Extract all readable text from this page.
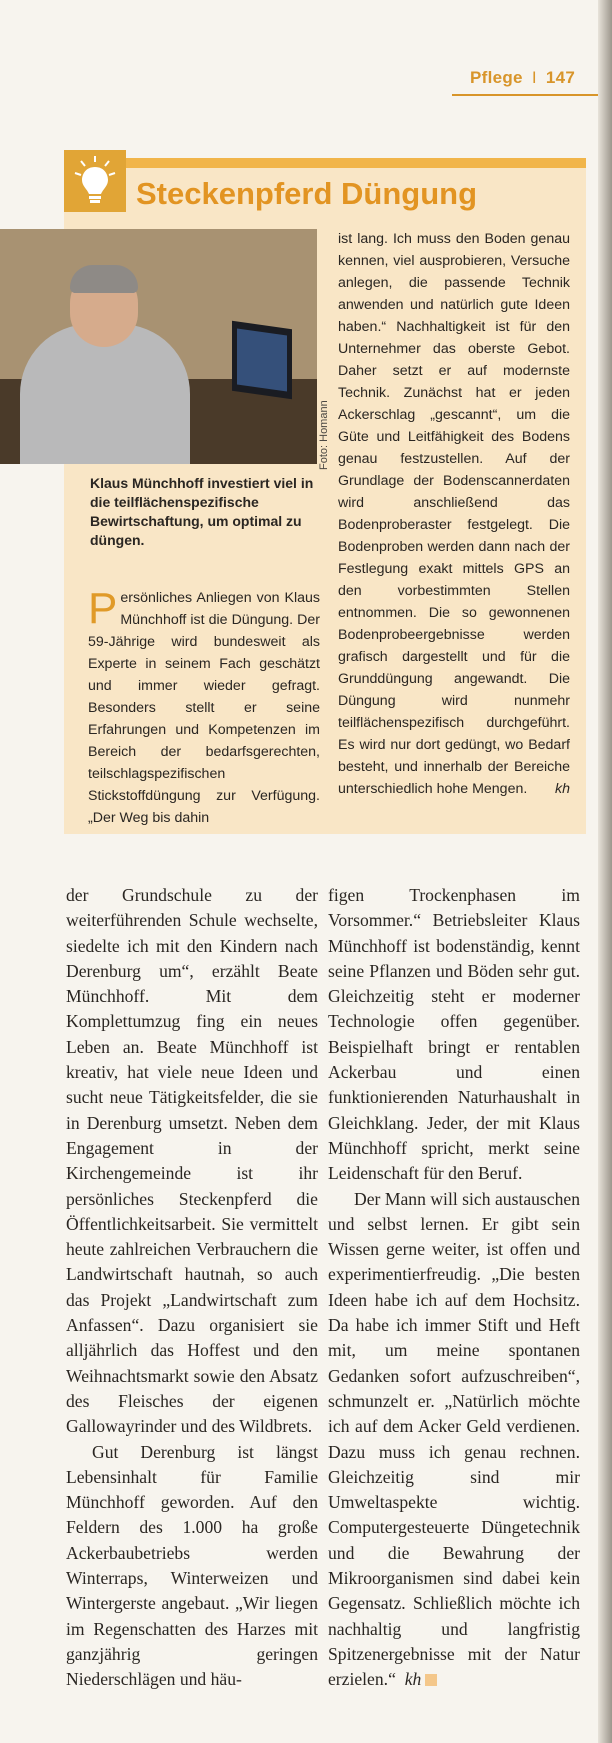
Pflege I 147
Steckenpferd Düngung
Klaus Münchhoff investiert viel in die teilflächenspezifische Bewirtschaftung, um optimal zu düngen.
Persönliches Anliegen von Klaus Münchhoff ist die Düngung. Der 59-Jährige wird bundesweit als Experte in seinem Fach geschätzt und immer wieder gefragt. Besonders stellt er seine Erfahrungen und Kompetenzen im Bereich der bedarfsgerechten, teilschlagspezifischen Stickstoffdüngung zur Verfügung. „Der Weg bis dahin
ist lang. Ich muss den Boden genau kennen, viel ausprobieren, Versuche anlegen, die passende Technik anwenden und natürlich gute Ideen haben.“ Nachhaltigkeit ist für den Unternehmer das oberste Gebot. Daher setzt er auf modernste Technik. Zunächst hat er jeden Ackerschlag „gescannt“, um die Güte und Leitfähigkeit des Bodens genau festzustellen. Auf der Grundlage der Bodenscannerdaten wird anschließend das Bodenproberaster festgelegt. Die Bodenproben werden dann nach der Festlegung exakt mittels GPS an den vorbestimmten Stellen entnommen. Die so gewonnenen Bodenprobeergebnisse werden grafisch dargestellt und für die Grunddüngung angewandt. Die Düngung wird nunmehr teilflächenspezifisch durchgeführt. Es wird nur dort gedüngt, wo Bedarf besteht, und innerhalb der Bereiche unterschiedlich hohe Mengen. kh

der Grundschule zu der weiterführenden Schule wechselte, siedelte ich mit den Kindern nach Derenburg um“, erzählt Beate Münchhoff. Mit dem Komplettumzug fing ein neues Leben an. Beate Münchhoff ist kreativ, hat viele neue Ideen und sucht neue Tätigkeitsfelder, die sie in Derenburg umsetzt. Neben dem Engagement in der Kirchengemeinde ist ihr persönliches Steckenpferd die Öffentlichkeitsarbeit. Sie vermittelt heute zahlreichen Verbrauchern die Landwirtschaft hautnah, so auch das Projekt „Landwirtschaft zum Anfassen“. Dazu organisiert sie alljährlich das Hoffest und den Weihnachtsmarkt sowie den Absatz des Fleisches der eigenen Gallowayrinder und des Wildbrets.

Gut Derenburg ist längst Lebensinhalt für Familie Münchhoff geworden. Auf den Feldern des 1.000 ha große Ackerbaubetriebs werden Winterraps, Winterweizen und Wintergerste angebaut. „Wir liegen im Regenschatten des Harzes mit ganzjährig geringen Niederschlägen und häu-

figen Trockenphasen im Vorsommer.“ Betriebsleiter Klaus Münchhoff ist bodenständig, kennt seine Pflanzen und Böden sehr gut. Gleichzeitig steht er moderner Technologie offen gegenüber. Beispielhaft bringt er rentablen Ackerbau und einen funktionierenden Naturhaushalt in Gleichklang. Jeder, der mit Klaus Münchhoff spricht, merkt seine Leidenschaft für den Beruf.

Der Mann will sich austauschen und selbst lernen. Er gibt sein Wissen gerne weiter, ist offen und experimentierfreudig. „Die besten Ideen habe ich auf dem Hochsitz. Da habe ich immer Stift und Heft mit, um meine spontanen Gedanken sofort aufzuschreiben“, schmunzelt er. „Natürlich möchte ich auf dem Acker Geld verdienen. Dazu muss ich genau rechnen. Gleichzeitig sind mir Umweltaspekte wichtig. Computergesteuerte Düngetechnik und die Bewahrung der Mikroorganismen sind dabei kein Gegensatz. Schließlich möchte ich nachhaltig und langfristig Spitzenergebnisse mit der Natur erzielen.“ kh
